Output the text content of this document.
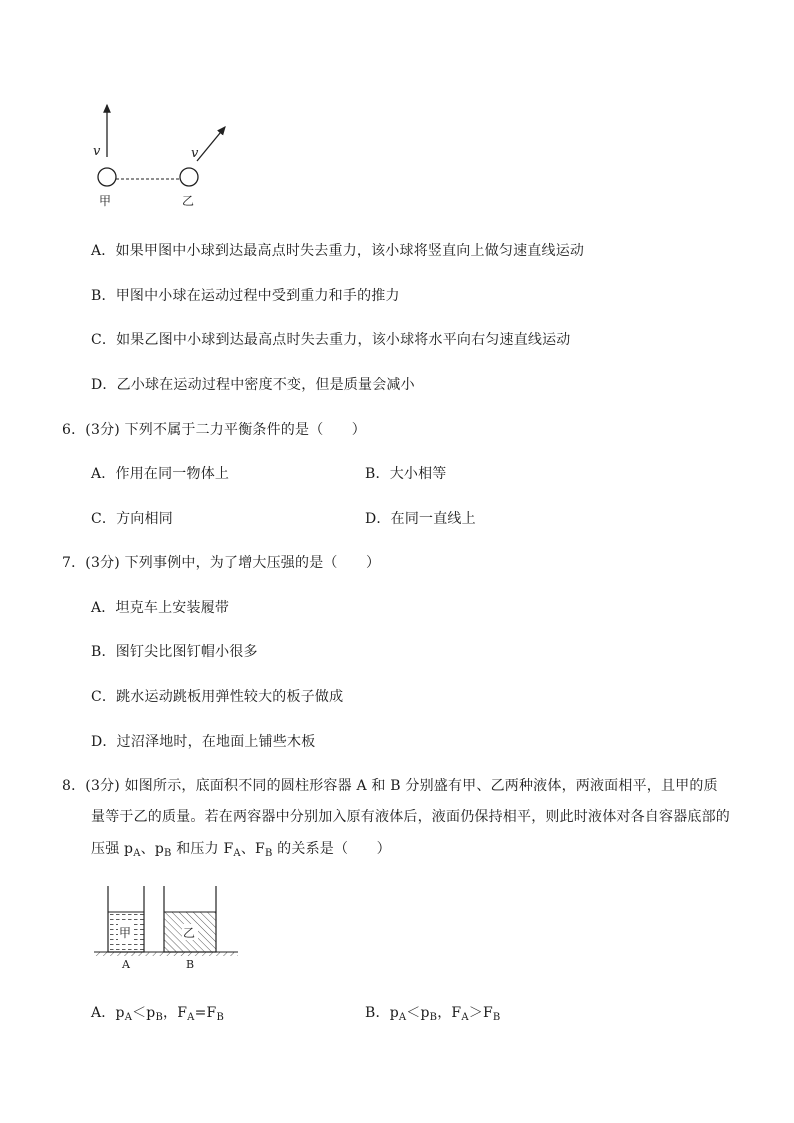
v	v
甲	乙
A．如果甲图中小球到达最高点时失去重力，该小球将竖直向上做匀速直线运动
B．甲图中小球在运动过程中受到重力和手的推力
C．如果乙图中小球到达最高点时失去重力，该小球将水平向右匀速直线运动
D．乙小球在运动过程中密度不变，但是质量会减小
6．(3分) 下列不属于二力平衡条件的是（　　）
A．作用在同一物体上	B．大小相等
C．方向相同	D．在同一直线上
7．(3分) 下列事例中，为了增大压强的是（　　）
A．坦克车上安装履带
B．图钉尖比图钉帽小很多
C．跳水运动跳板用弹性较大的板子做成
D．过沼泽地时，在地面上铺些木板
8．(3分) 如图所示，底面积不同的圆柱形容器 A 和 B 分别盛有甲、乙两种液体，两液面相平，且甲的质
量等于乙的质量。若在两容器中分别加入原有液体后，液面仍保持相平，则此时液体对各自容器底部的
压强 $p_A$、$p_B$ 和压力 $F_A$、$F_B$ 的关系是（　　）
甲	乙
A	B
A．$p_A<p_B$，$F_A=F_B$	B．$p_A<p_B$，$F_A>F_B$
